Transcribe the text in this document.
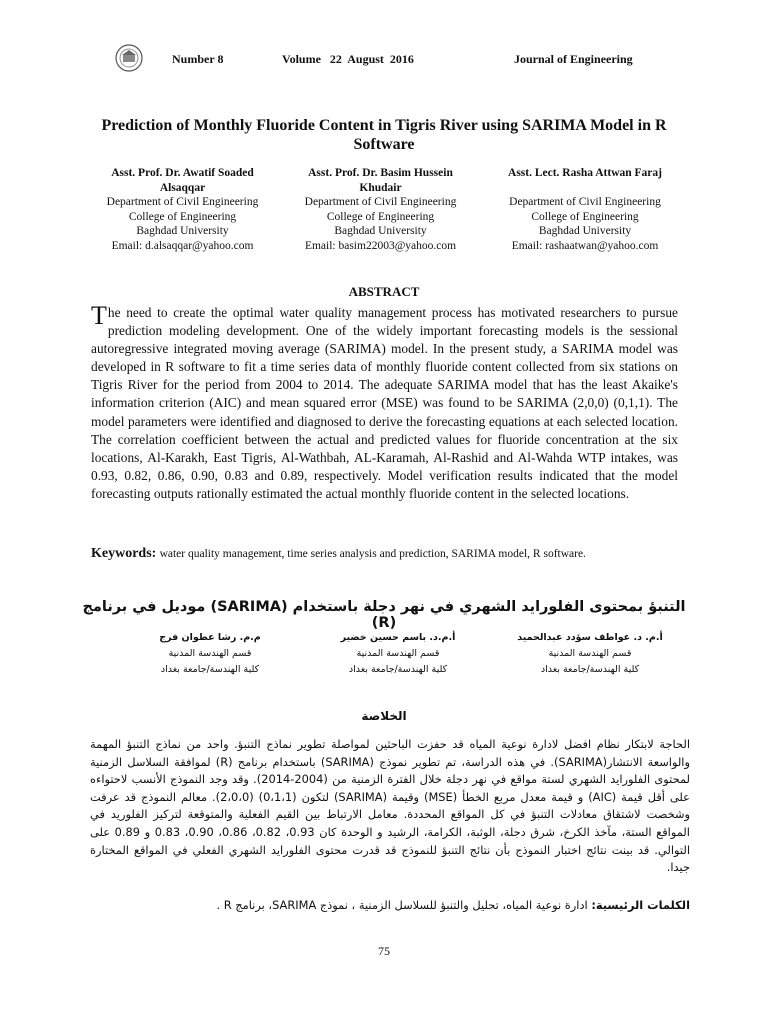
Number 8	Volume   22  August  2016	Journal of Engineering
Prediction of Monthly Fluoride Content in Tigris River using SARIMA Model in R Software
Asst. Prof. Dr. Awatif Soaded Alsaqqar
Department of Civil Engineering
College of Engineering
Baghdad University
Email: d.alsaqqar@yahoo.com
Asst. Prof. Dr. Basim Hussein Khudair
Department of Civil Engineering
College of Engineering
Baghdad University
Email: basim22003@yahoo.com
Asst. Lect. Rasha Attwan Faraj
Department of Civil Engineering
College of Engineering
Baghdad University
Email: rashaatwan@yahoo.com
ABSTRACT
The need to create the optimal water quality management process has motivated researchers to pursue prediction modeling development. One of the widely important forecasting models is the sessional autoregressive integrated moving average (SARIMA) model. In the present study, a SARIMA model was developed in R software to fit a time series data of monthly fluoride content collected from six stations on Tigris River for the period from 2004 to 2014. The adequate SARIMA model that has the least Akaike's information criterion (AIC) and mean squared error (MSE) was found to be SARIMA (2,0,0) (0,1,1). The model parameters were identified and diagnosed to derive the forecasting equations at each selected location. The correlation coefficient between the actual and predicted values for fluoride concentration at the six locations, Al-Karakh, East Tigris, Al-Wathbah, AL-Karamah, Al-Rashid and Al-Wahda WTP intakes, was 0.93, 0.82, 0.86, 0.90, 0.83 and 0.89, respectively. Model verification results indicated that the model forecasting outputs rationally estimated the actual monthly fluoride content in the selected locations.
Keywords: water quality management, time series analysis and prediction, SARIMA model, R software.
التنبؤ بمحتوى الفلورايد الشهري في نهر دجلة باستخدام (SARIMA) موديل في برنامج (R)
أ.م. د. عواطف سؤدد عبدالحميد
قسم الهندسة المدنية
كلية الهندسة/جامعة بغداد
أ.م.د. باسم حسين خضير
قسم الهندسة المدنية
كلية الهندسة/جامعة بغداد
م.م. رشا عطوان فرج
قسم الهندسة المدنية
كلية الهندسة/جامعة بغداد
الخلاصة
الحاجة لابتكار نظام افضل لادارة نوعية المياه قد حفزت الباحثين لمواصلة تطوير نماذج التنبؤ. واحد من نماذج التنبؤ المهمة والواسعة الانتشار(SARIMA). في هذه الدراسة، تم تطوير نموذج (SARIMA) باستخدام برنامج (R) لموافقة السلاسل الزمنية لمحتوى الفلورايد الشهري لستة مواقع في نهر دجلة خلال الفترة الزمنية من (2004-2014). وقد وجد النموذج الأنسب لاحتواءه على أقل قيمة (AIC) و قيمة معدل مربع الخطأ (MSE) وقيمة (SARIMA) لتكون (0،1،1) (2،0،0). معالم النموذج قد عرفت وشخصت لاشتقاق معادلات التنبؤ في كل المواقع المحددة. معامل الارتباط بين القيم الفعلية والمتوقعة لتركيز الفلوريد في المواقع الستة، مآخذ الكرخ، شرق دجلة، الوثبة، الكرامة، الرشيد و الوحدة كان 0.93، 0.82، 0.86، 0.90، 0.83 و 0.89 على التوالي. قد بينت نتائج اختبار النموذج بأن نتائج التنبؤ للنموذج قد قدرت محتوى الفلورايد الشهري الفعلي في المواقع المختارة جيدا.
الكلمات الرئيسية: ادارة نوعية المياه، تحليل والتنبؤ للسلاسل الزمنية ، نموذج SARIMA، برنامج R .
75
